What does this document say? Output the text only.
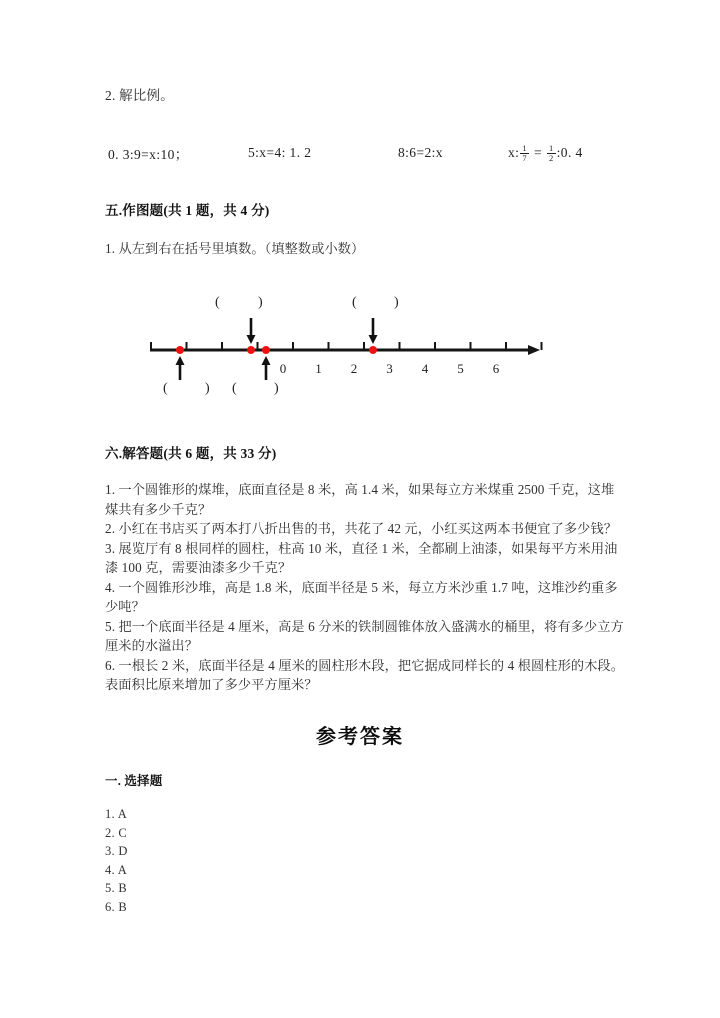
2. 解比例。
0. 3:9=x:10；	5:x=4: 1. 2	8:6=2:x	x: $\frac{1}{7} = \frac{1}{2}$ :0. 4
五.作图题(共 1 题，共 4 分)
1. 从左到右在括号里填数。（填整数或小数）
0 1 2 3 4 5 6
(	)	(	)
(	) (	)
六.解答题(共 6 题，共 33 分)
1. 一个圆锥形的煤堆，底面直径是 8 米，高 1.4 米，如果每立方米煤重 2500 千克，这堆煤共有多少千克？
2. 小红在书店买了两本打八折出售的书，共花了 42 元，小红买这两本书便宜了多少钱？
3. 展览厅有 8 根同样的圆柱，柱高 10 米，直径 1 米，全都刷上油漆，如果每平方米用油漆 100 克，需要油漆多少千克？
4. 一个圆锥形沙堆，高是 1.8 米，底面半径是 5 米，每立方米沙重 1.7 吨，这堆沙约重多少吨？
5. 把一个底面半径是 4 厘米，高是 6 分米的铁制圆锥体放入盛满水的桶里，将有多少立方厘米的水溢出？
6. 一根长 2 米，底面半径是 4 厘米的圆柱形木段，把它据成同样长的 4 根圆柱形的木段。表面积比原来增加了多少平方厘米？
参考答案
一. 选择题
1. A
2. C
3. D
4. A
5. B
6. B
